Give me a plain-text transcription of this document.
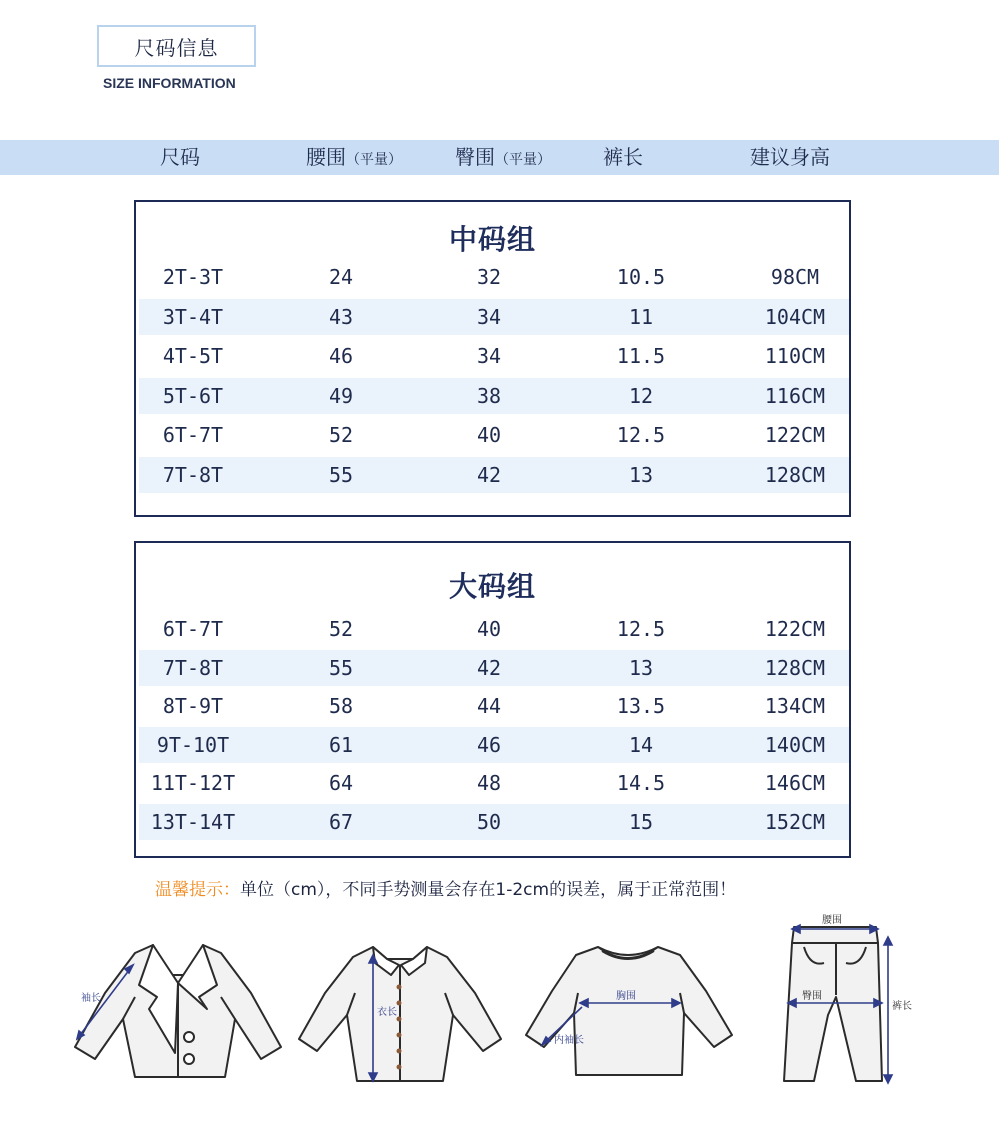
尺码信息
SIZE INFORMATION
尺码	腰围（平量）	臀围（平量）	裤长	建议身高
中码组
2T-3T	24	32	10.5	98CM
3T-4T	43	34	11	104CM
4T-5T	46	34	11.5	110CM
5T-6T	49	38	12	116CM
6T-7T	52	40	12.5	122CM
7T-8T	55	42	13	128CM
大码组
6T-7T	52	40	12.5	122CM
7T-8T	55	42	13	128CM
8T-9T	58	44	13.5	134CM
9T-10T	61	46	14	140CM
11T-12T	64	48	14.5	146CM
13T-14T	67	50	15	152CM
温馨提示：单位（cm），不同手势测量会存在1-2cm的误差，属于正常范围！
袖长
衣长
胸围
内袖长
腰围
臀围
裤长
